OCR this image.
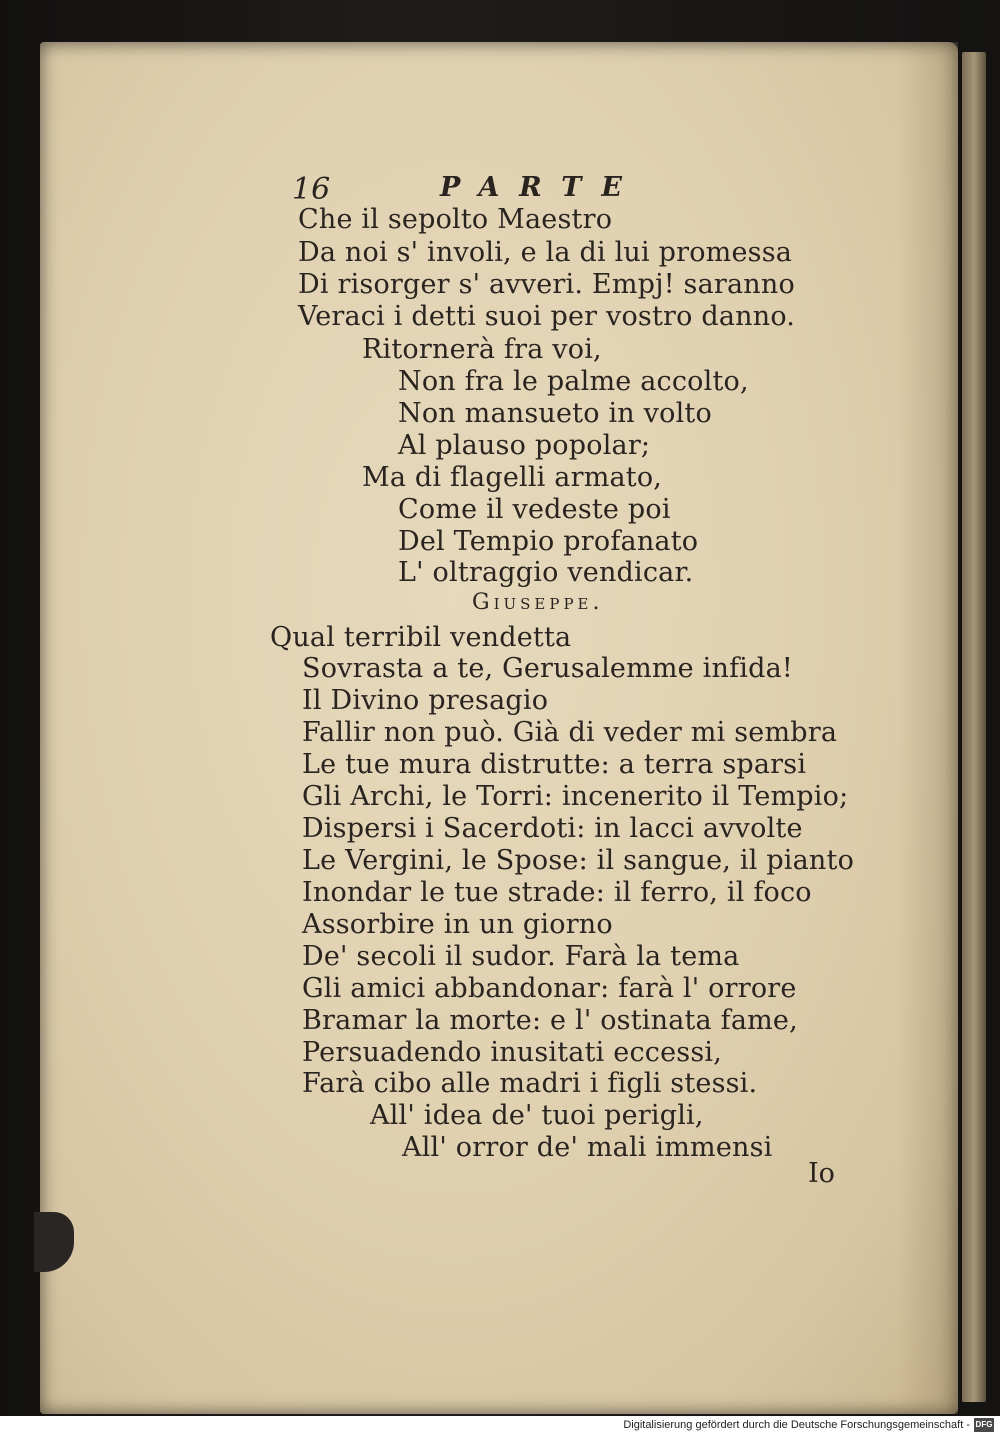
16	PARTE
Che il sepolto Maestro
Da noi s' involi, e la di lui promessa
Di risorger s' avveri. Empj! saranno
Veraci i detti suoi per vostro danno.
Ritornerà fra voi,
Non fra le palme accolto,
Non mansueto in volto
Al plauso popolar;
Ma di flagelli armato,
Come il vedeste poi
Del Tempio profanato
L' oltraggio vendicar.
Giuseppe.
Qual terribil vendetta
Sovrasta a te, Gerusalemme infida!
Il Divino presagio
Fallir non può. Già di veder mi sembra
Le tue mura distrutte: a terra sparsi
Gli Archi, le Torri: incenerito il Tempio;
Dispersi i Sacerdoti: in lacci avvolte
Le Vergini, le Spose: il sangue, il pianto
Inondar le tue strade: il ferro, il foco
Assorbire in un giorno
De' secoli il sudor. Farà la tema
Gli amici abbandonar: farà l' orrore
Bramar la morte: e l' ostinata fame,
Persuadendo inusitati eccessi,
Farà cibo alle madri i figli stessi.
All' idea de' tuoi perigli,
All' orror de' mali immensi
Io
Digitalisierung gefördert durch die Deutsche Forschungsgemeinschaft - DFG
